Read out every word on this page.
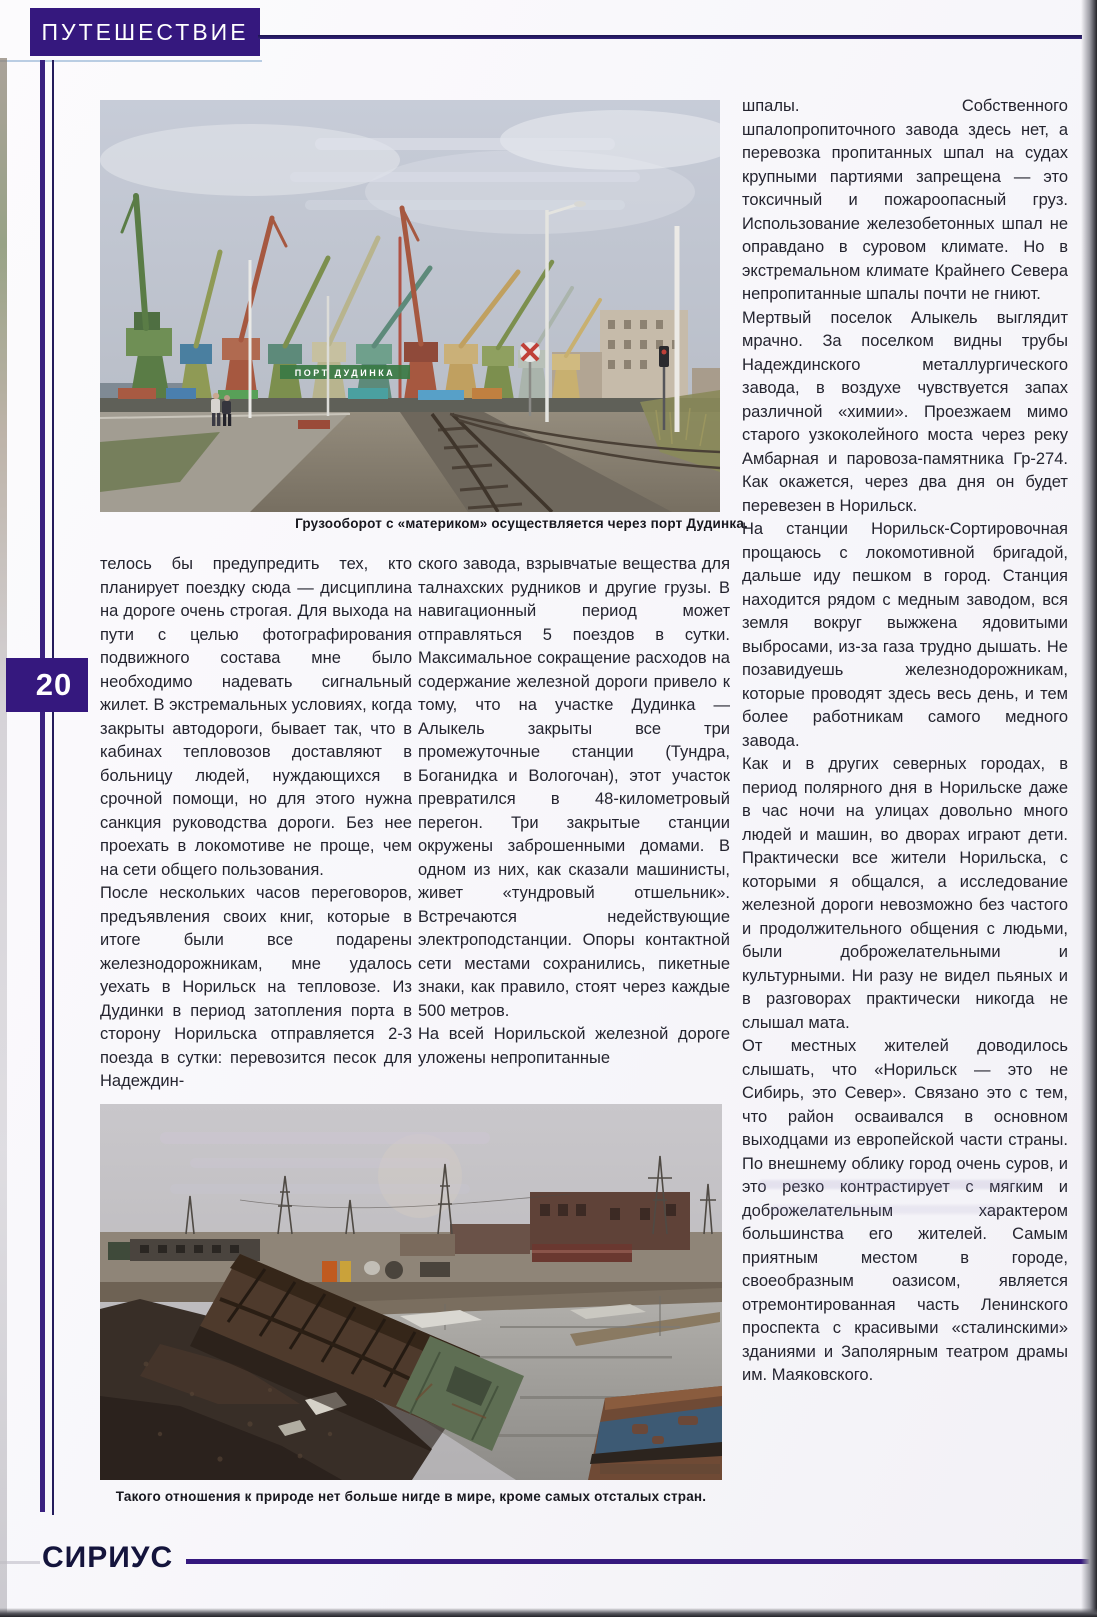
ПУТЕШЕСТВИЕ
20
ПОРТ ДУДИНКА
Грузооборот с «материком» осуществляется через порт Дудинка.

телось бы предупредить тех, кто планирует поездку сюда — дисциплина на дороге очень строгая. Для выхода на пути с целью фотографирования подвижного состава мне было необходимо надевать сигнальный жилет. В экстремальных условиях, когда закрыты автодороги, бывает так, что в кабинах тепловозов доставляют в больницу людей, нуждающихся в срочной помощи, но для этого нужна санкция руководства дороги. Без нее проехать в локомотиве не проще, чем на сети общего пользования.

После нескольких часов переговоров, предъявления своих книг, которые в итоге были все подарены железнодорожникам, мне удалось уехать в Норильск на тепловозе. Из Дудинки в период затопления порта в сторону Норильска отправляется 2-3 поезда в сутки: перевозится песок для Надеждин-

ского завода, взрывчатые вещества для талнахских рудников и другие грузы. В навигационный период может отправляться 5 поездов в сутки. Максимальное сокращение расходов на содержание железной дороги привело к тому, что на участке Дудинка — Алыкель закрыты все три промежуточные станции (Тундра, Боганидка и Вологочан), этот участок превратился в 48-километровый перегон. Три закрытые станции окружены заброшенными домами. В одном из них, как сказали машинисты, живет «тундровый отшельник». Встречаются недействующие электроподстанции. Опоры контактной сети местами сохранились, пикетные знаки, как правило, стоят через каждые 500 метров.

На всей Норильской железной дороге уложены непропитанные

шпалы. Собственного шпалопропиточного завода здесь нет, а перевозка пропитанных шпал на судах крупными партиями запрещена — это токсичный и пожароопасный груз. Использование железобетонных шпал не оправдано в суровом климате. Но в экстремальном климате Крайнего Севера непропитанные шпалы почти не гниют.

Мертвый поселок Алыкель выглядит мрачно. За поселком видны трубы Надеждинского металлургического завода, в воздухе чувствуется запах различной «химии». Проезжаем мимо старого узкоколейного моста через реку Амбарная и паровоза-памятника Гр-274. Как окажется, через два дня он будет перевезен в Норильск.

На станции Норильск-Сортировочная прощаюсь с локомотивной бригадой, дальше иду пешком в город. Станция находится рядом с медным заводом, вся земля вокруг выжжена ядовитыми выбросами, из-за газа трудно дышать. Не позавидуешь железнодорожникам, которые проводят здесь весь день, и тем более работникам самого медного завода.

Как и в других северных городах, в период полярного дня в Норильске даже в час ночи на улицах довольно много людей и машин, во дворах играют дети. Практически все жители Норильска, с которыми я общался, а исследование железной дороги невозможно без частого и продолжительного общения с людьми, были доброжелательными и культурными. Ни разу не видел пьяных и в разговорах практически никогда не слышал мата.

От местных жителей доводилось слышать, что «Норильск — это не Сибирь, это Север». Связано это с тем, что район осваивался в основном выходцами из европейской части страны. По внешнему облику город очень суров, и это резко контрастирует с мягким и доброжелательным характером большинства его жителей. Самым приятным местом в городе, своеобразным оазисом, является отремонтированная часть Ленинского проспекта с красивыми «сталинскими» зданиями и Заполярным театром драмы им. Маяковского.

Такого отношения к природе нет больше нигде в мире, кроме самых отсталых стран.
СИРИУС
